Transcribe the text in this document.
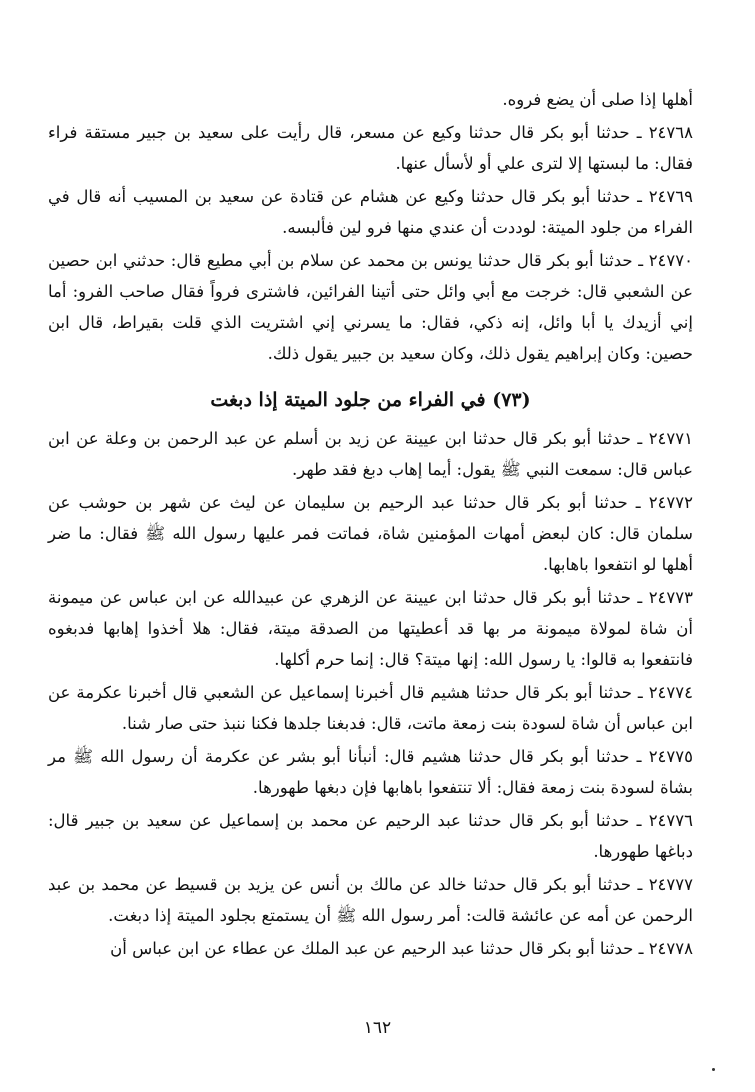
أهلها إذا صلى أن يضع فروه.

٢٤٧٦٨ ـ حدثنا أبو بكر قال حدثنا وكيع عن مسعر، قال رأيت على سعيد بن جبير مستقة فراء فقال: ما لبستها إلا لترى علي أو لأسأل عنها.

٢٤٧٦٩ ـ حدثنا أبو بكر قال حدثنا وكيع عن هشام عن قتادة عن سعيد بن المسيب أنه قال في الفراء من جلود الميتة: لوددت أن عندي منها فرو لين فألبسه.

٢٤٧٧٠ ـ حدثنا أبو بكر قال حدثنا يونس بن محمد عن سلام بن أبي مطيع قال: حدثني ابن حصين عن الشعبي قال: خرجت مع أبي وائل حتى أتينا الفرائين، فاشترى فرواً فقال صاحب الفرو: أما إني أزيدك يا أبا وائل، إنه ذكي، فقال: ما يسرني إني اشتريت الذي قلت بقيراط، قال ابن حصين: وكان إبراهيم يقول ذلك، وكان سعيد بن جبير يقول ذلك.

(٧٣) في الفراء من جلود الميتة إذا دبغت

٢٤٧٧١ ـ حدثنا أبو بكر قال حدثنا ابن عيينة عن زيد بن أسلم عن عبد الرحمن بن وعلة عن ابن عباس قال: سمعت النبي ﷺ يقول: أيما إهاب دبغ فقد طهر.

٢٤٧٧٢ ـ حدثنا أبو بكر قال حدثنا عبد الرحيم بن سليمان عن ليث عن شهر بن حوشب عن سلمان قال: كان لبعض أمهات المؤمنين شاة، فماتت فمر عليها رسول الله ﷺ فقال: ما ضر أهلها لو انتفعوا باهابها.

٢٤٧٧٣ ـ حدثنا أبو بكر قال حدثنا ابن عيينة عن الزهري عن عبيدالله عن ابن عباس عن ميمونة أن شاة لمولاة ميمونة مر بها قد أعطيتها من الصدقة ميتة، فقال: هلا أخذوا إهابها فدبغوه فانتفعوا به قالوا: يا رسول الله: إنها ميتة؟ قال: إنما حرم أكلها.

٢٤٧٧٤ ـ حدثنا أبو بكر قال حدثنا هشيم قال أخبرنا إسماعيل عن الشعبي قال أخبرنا عكرمة عن ابن عباس أن شاة لسودة بنت زمعة ماتت، قال: فدبغنا جلدها فكنا ننبذ حتى صار شنا.

٢٤٧٧٥ ـ حدثنا أبو بكر قال حدثنا هشيم قال: أنبأنا أبو بشر عن عكرمة أن رسول الله ﷺ مر بشاة لسودة بنت زمعة فقال: ألا تنتفعوا باهابها فإن دبغها طهورها.

٢٤٧٧٦ ـ حدثنا أبو بكر قال حدثنا عبد الرحيم عن محمد بن إسماعيل عن سعيد بن جبير قال: دباغها طهورها.

٢٤٧٧٧ ـ حدثنا أبو بكر قال حدثنا خالد عن مالك بن أنس عن يزيد بن قسيط عن محمد بن عبد الرحمن عن أمه عن عائشة قالت: أمر رسول الله ﷺ أن يستمتع بجلود الميتة إذا دبغت.

٢٤٧٧٨ ـ حدثنا أبو بكر قال حدثنا عبد الرحيم عن عبد الملك عن عطاء عن ابن عباس أن

١٦٢
